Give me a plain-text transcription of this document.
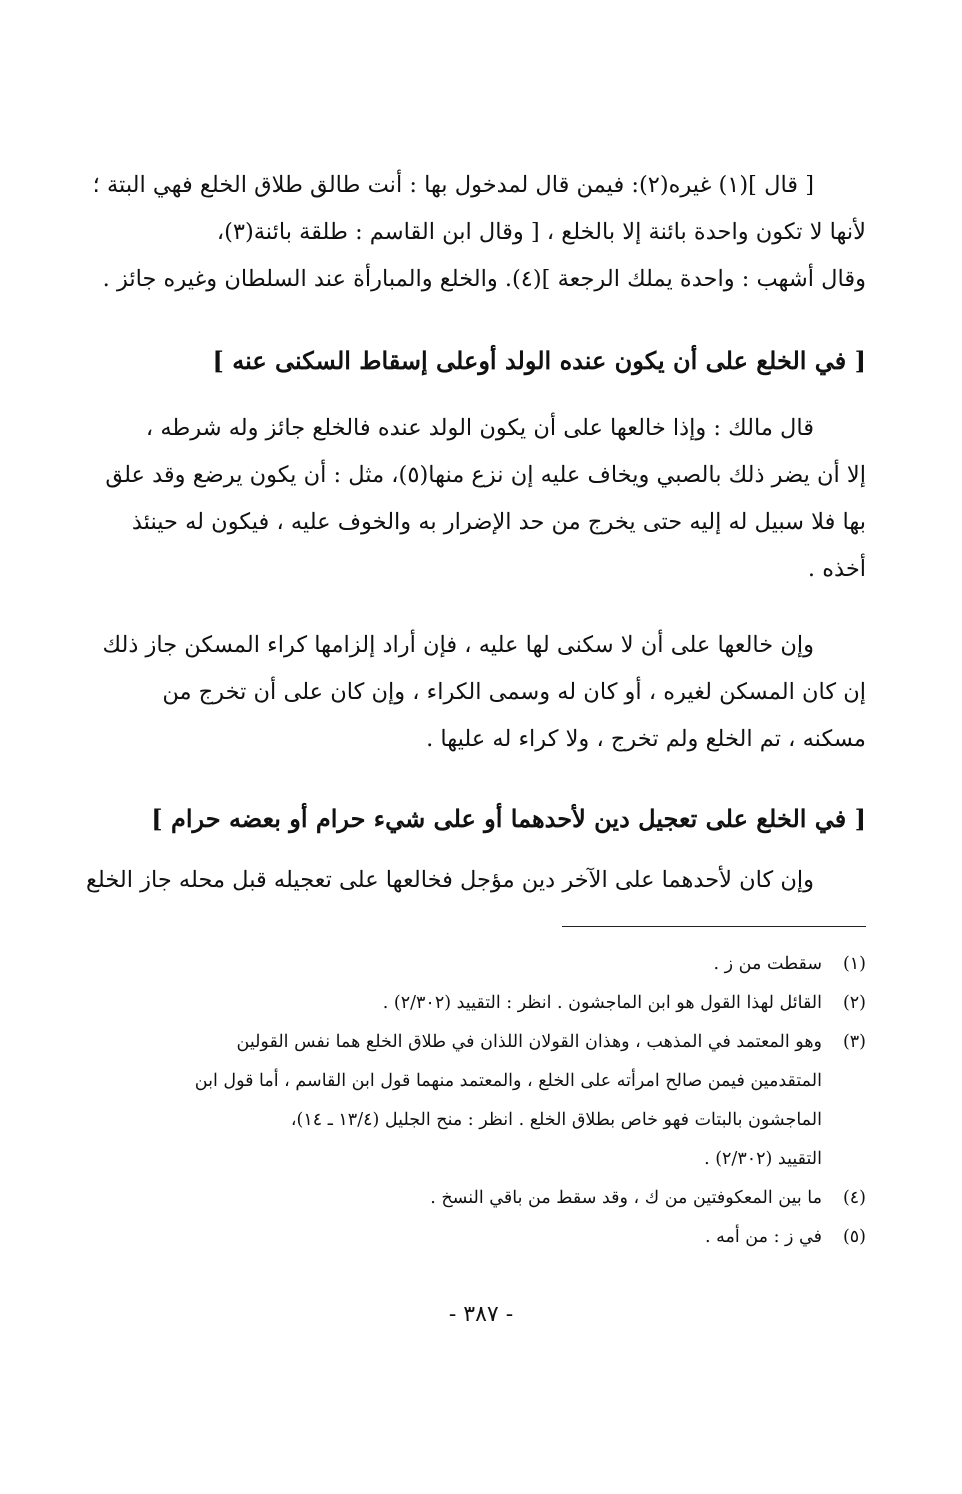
[ قال ](١) غيره(٢): فيمن قال لمدخول بها : أنت طالق طلاق الخلع فهي البتة ؛
لأنها لا تكون واحدة بائنة إلا بالخلع ، [ وقال ابن القاسم : طلقة بائنة(٣)،
وقال أشهب : واحدة يملك الرجعة ](٤). والخلع والمبارأة عند السلطان وغيره جائز .
[ في الخلع على أن يكون عنده الولد أوعلى إسقاط السكنى عنه ]
قال مالك : وإذا خالعها على أن يكون الولد عنده فالخلع جائز وله شرطه ،
إلا أن يضر ذلك بالصبي ويخاف عليه إن نزع منها(٥)، مثل : أن يكون يرضع وقد علق
بها فلا سبيل له إليه حتى يخرج من حد الإضرار به والخوف عليه ، فيكون له حينئذ
أخذه .
وإن خالعها على أن لا سكنى لها عليه ، فإن أراد إلزامها كراء المسكن جاز ذلك
إن كان المسكن لغيره ، أو كان له وسمى الكراء ، وإن كان على أن تخرج من
مسكنه ، تم الخلع ولم تخرج ، ولا كراء له عليها .
[ في الخلع على تعجيل دين لأحدهما أو على شيء حرام أو بعضه حرام ]
وإن كان لأحدهما على الآخر دين مؤجل فخالعها على تعجيله قبل محله جاز الخلع
(١)
سقطت من ز .
(٢)
القائل لهذا القول هو ابن الماجشون . انظر : التقييد (٢/٣٠٢) .
(٣)
وهو المعتمد في المذهب ، وهذان القولان اللذان في طلاق الخلع هما نفس القولين
المتقدمين فيمن صالح امرأته على الخلع ، والمعتمد منهما قول ابن القاسم ، أما قول ابن
الماجشون بالبتات فهو خاص بطلاق الخلع . انظر : منح الجليل (١٣/٤ ـ ١٤)،
التقييد (٢/٣٠٢) .
(٤)
ما بين المعكوفتين من ك ، وقد سقط من باقي النسخ .
(٥)
في ز : من أمه .
- ٣٨٧ -
